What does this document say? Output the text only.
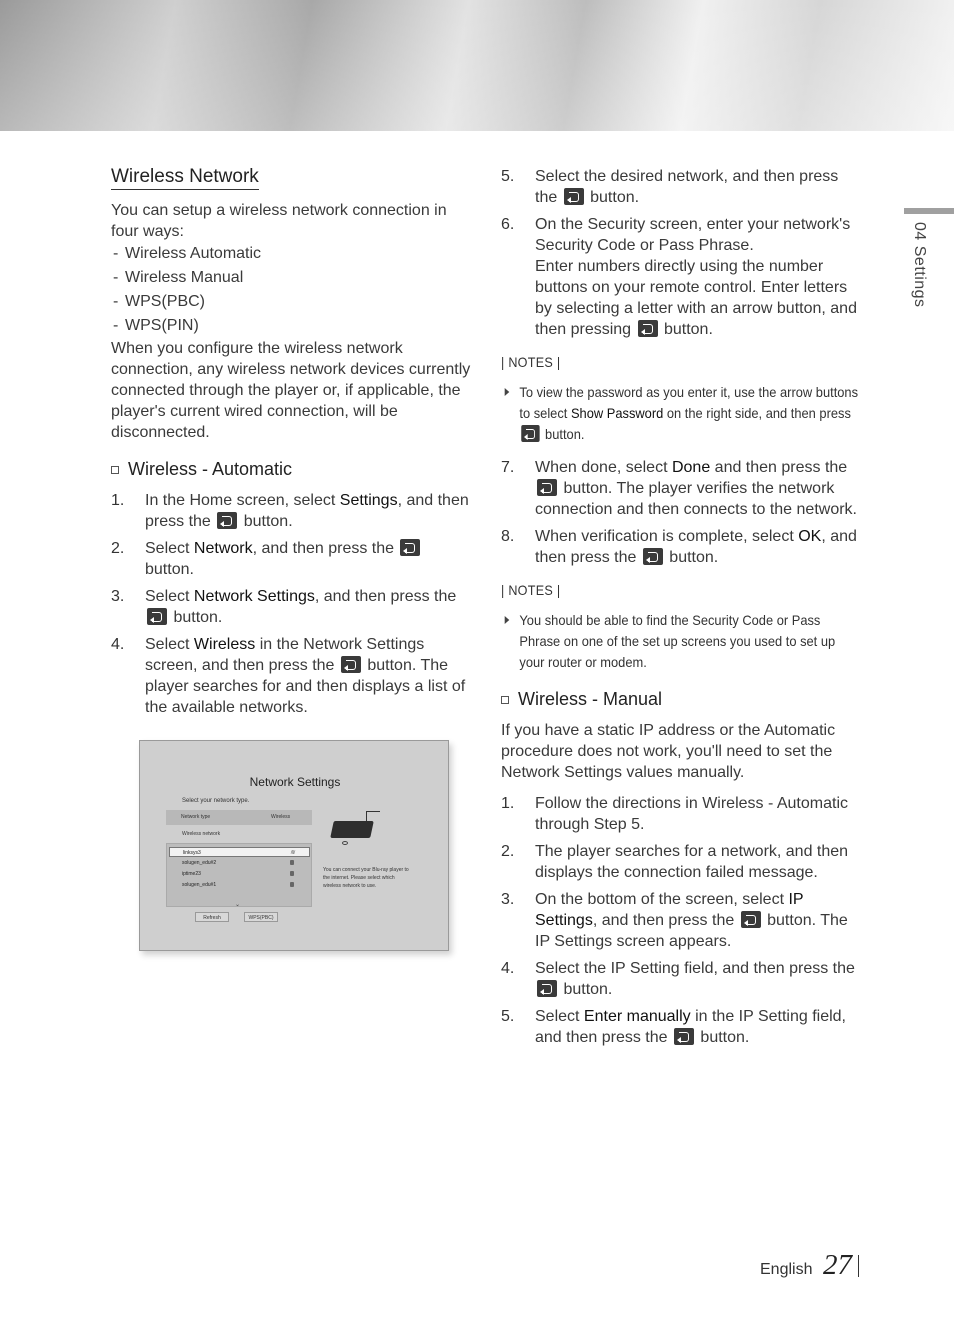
04 Settings
Wireless Network
You can setup a wireless network connection in four ways:
- Wireless Automatic
- Wireless Manual
- WPS(PBC)
- WPS(PIN)
When you configure the wireless network connection, any wireless network devices currently connected through the player or, if applicable, the player's current wired connection, will be disconnected.
Wireless - Automatic
1. In the Home screen, select Settings, and then press the  button.
2. Select Network, and then press the  button.
3. Select Network Settings, and then press the  button.
4. Select Wireless in the Network Settings screen, and then press the  button. The player searches for and then displays a list of the available networks.
Network Settings
Select your network type.
Network type	Wireless
Wireless network
linksys3	≋
solugen_edu#2
iptime23
solugen_edu#1
⌄
You can connect your Blu-ray player to the internet. Please select which wireless network to use.
Refresh	WPS(PBC)
5. Select the desired network, and then press the  button.
6. On the Security screen, enter your network's Security Code or Pass Phrase.
Enter numbers directly using the number buttons on your remote control. Enter letters by selecting a letter with an arrow button, and then pressing  button.
| NOTES |
To view the password as you enter it, use the arrow buttons to select Show Password on the right side, and then press  button.
7. When done, select Done and then press the  button. The player verifies the network connection and then connects to the network.
8. When verification is complete, select OK, and then press the  button.
| NOTES |
You should be able to find the Security Code or Pass Phrase on one of the set up screens you used to set up your router or modem.
Wireless - Manual
If you have a static IP address or the Automatic procedure does not work, you'll need to set the Network Settings values manually.
1. Follow the directions in Wireless - Automatic through Step 5.
2. The player searches for a network, and then displays the connection failed message.
3. On the bottom of the screen, select IP Settings, and then press the  button. The IP Settings screen appears.
4. Select the IP Setting field, and then press the  button.
5. Select Enter manually in the IP Setting field, and then press the  button.
English 27
